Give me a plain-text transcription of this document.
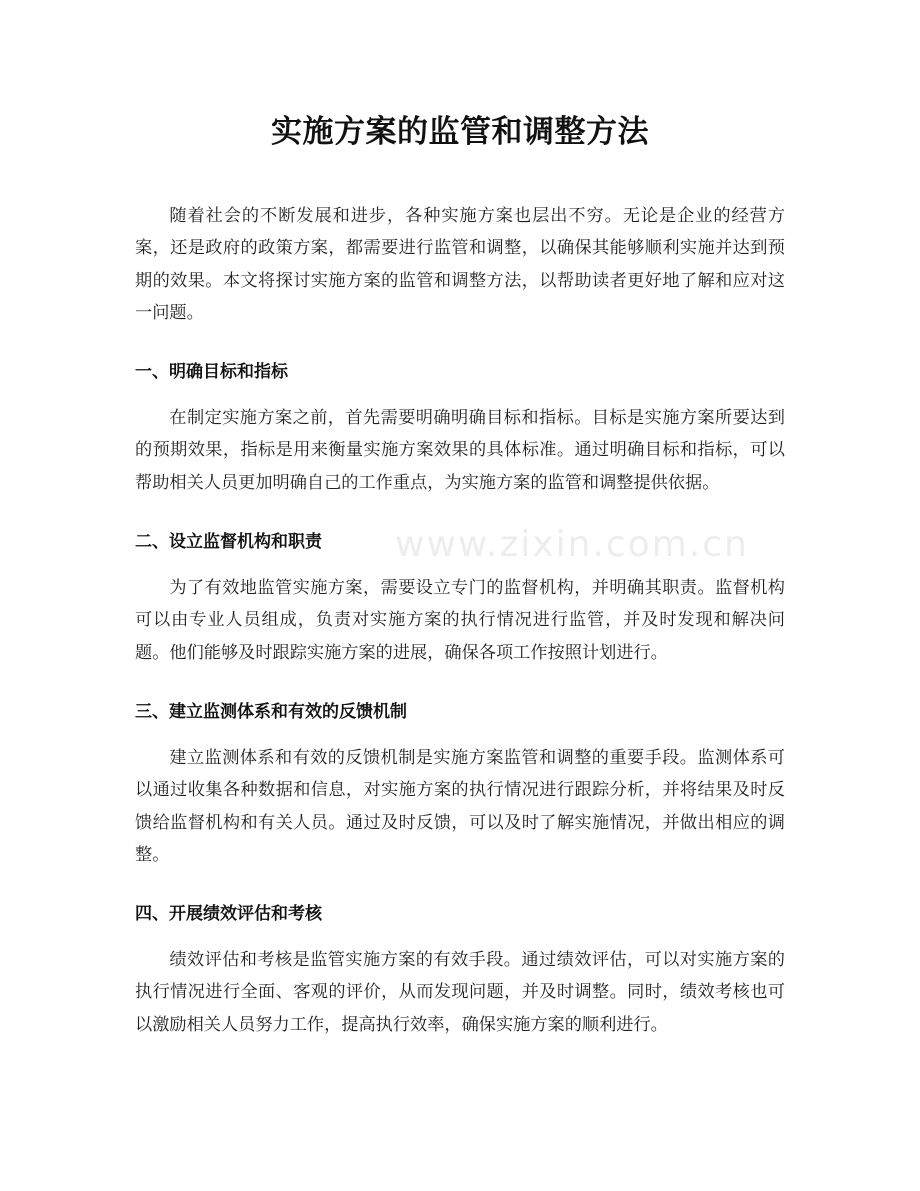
实施方案的监管和调整方法

随着社会的不断发展和进步，各种实施方案也层出不穷。无论是企业的经营方案，还是政府的政策方案，都需要进行监管和调整，以确保其能够顺利实施并达到预期的效果。本文将探讨实施方案的监管和调整方法，以帮助读者更好地了解和应对这一问题。

一、明确目标和指标

在制定实施方案之前，首先需要明确明确目标和指标。目标是实施方案所要达到的预期效果，指标是用来衡量实施方案效果的具体标准。通过明确目标和指标，可以帮助相关人员更加明确自己的工作重点，为实施方案的监管和调整提供依据。

二、设立监督机构和职责

为了有效地监管实施方案，需要设立专门的监督机构，并明确其职责。监督机构可以由专业人员组成，负责对实施方案的执行情况进行监管，并及时发现和解决问题。他们能够及时跟踪实施方案的进展，确保各项工作按照计划进行。

三、建立监测体系和有效的反馈机制

建立监测体系和有效的反馈机制是实施方案监管和调整的重要手段。监测体系可以通过收集各种数据和信息，对实施方案的执行情况进行跟踪分析，并将结果及时反馈给监督机构和有关人员。通过及时反馈，可以及时了解实施情况，并做出相应的调整。

四、开展绩效评估和考核

绩效评估和考核是监管实施方案的有效手段。通过绩效评估，可以对实施方案的执行情况进行全面、客观的评价，从而发现问题，并及时调整。同时，绩效考核也可以激励相关人员努力工作，提高执行效率，确保实施方案的顺利进行。

www.zixin.com.cn
